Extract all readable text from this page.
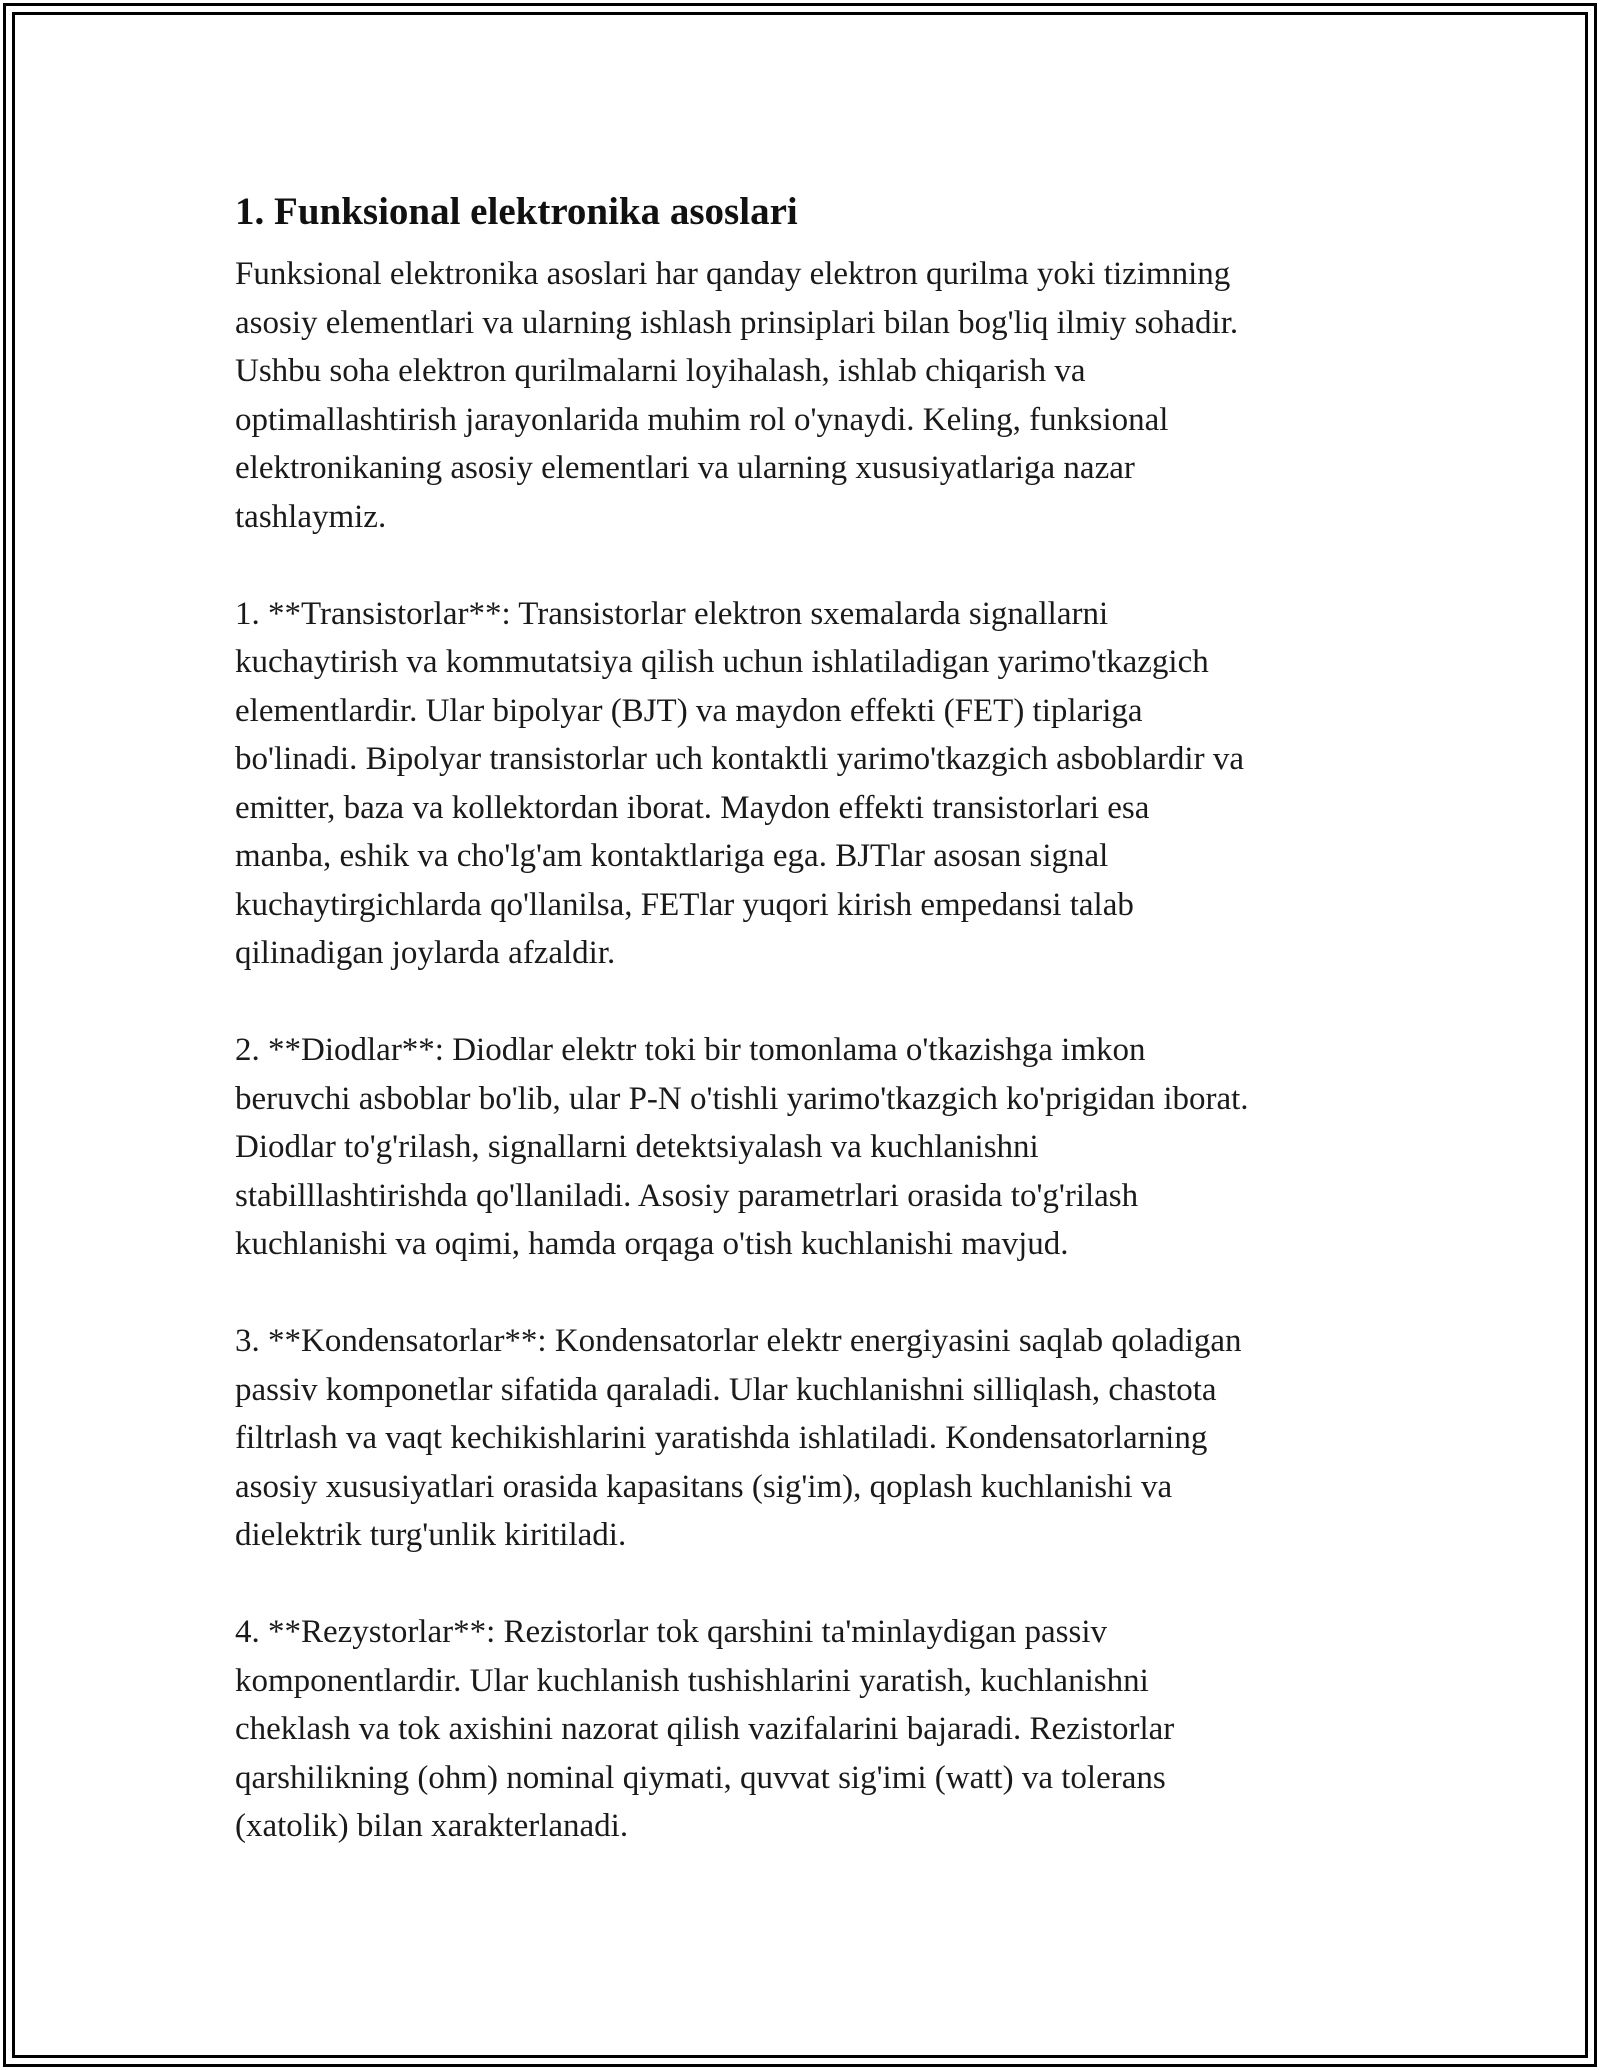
1. Funksional elektronika asoslari

Funksional elektronika asoslari har qanday elektron qurilma yoki tizimning
asosiy elementlari va ularning ishlash prinsiplari bilan bog'liq ilmiy sohadir.
Ushbu soha elektron qurilmalarni loyihalash, ishlab chiqarish va
optimallashtirish jarayonlarida muhim rol o'ynaydi. Keling, funksional
elektronikaning asosiy elementlari va ularning xususiyatlariga nazar
tashlaymiz.

1. **Transistorlar**: Transistorlar elektron sxemalarda signallarni
kuchaytirish va kommutatsiya qilish uchun ishlatiladigan yarimo'tkazgich
elementlardir. Ular bipolyar (BJT) va maydon effekti (FET) tiplariga
bo'linadi. Bipolyar transistorlar uch kontaktli yarimo'tkazgich asboblardir va
emitter, baza va kollektordan iborat. Maydon effekti transistorlari esa
manba, eshik va cho'lg'am kontaktlariga ega. BJTlar asosan signal
kuchaytirgichlarda qo'llanilsa, FETlar yuqori kirish empedansi talab
qilinadigan joylarda afzaldir.

2. **Diodlar**: Diodlar elektr toki bir tomonlama o'tkazishga imkon
beruvchi asboblar bo'lib, ular P-N o'tishli yarimo'tkazgich ko'prigidan iborat.
Diodlar to'g'rilash, signallarni detektsiyalash va kuchlanishni
stabilllashtirishda qo'llaniladi. Asosiy parametrlari orasida to'g'rilash
kuchlanishi va oqimi, hamda orqaga o'tish kuchlanishi mavjud.

3. **Kondensatorlar**: Kondensatorlar elektr energiyasini saqlab qoladigan
passiv komponetlar sifatida qaraladi. Ular kuchlanishni silliqlash, chastota
filtrlash va vaqt kechikishlarini yaratishda ishlatiladi. Kondensatorlarning
asosiy xususiyatlari orasida kapasitans (sig'im), qoplash kuchlanishi va
dielektrik turg'unlik kiritiladi.

4. **Rezystorlar**: Rezistorlar tok qarshini ta'minlaydigan passiv
komponentlardir. Ular kuchlanish tushishlarini yaratish, kuchlanishni
cheklash va tok axishini nazorat qilish vazifalarini bajaradi. Rezistorlar
qarshilikning (ohm) nominal qiymati, quvvat sig'imi (watt) va tolerans
(xatolik) bilan xarakterlanadi.
